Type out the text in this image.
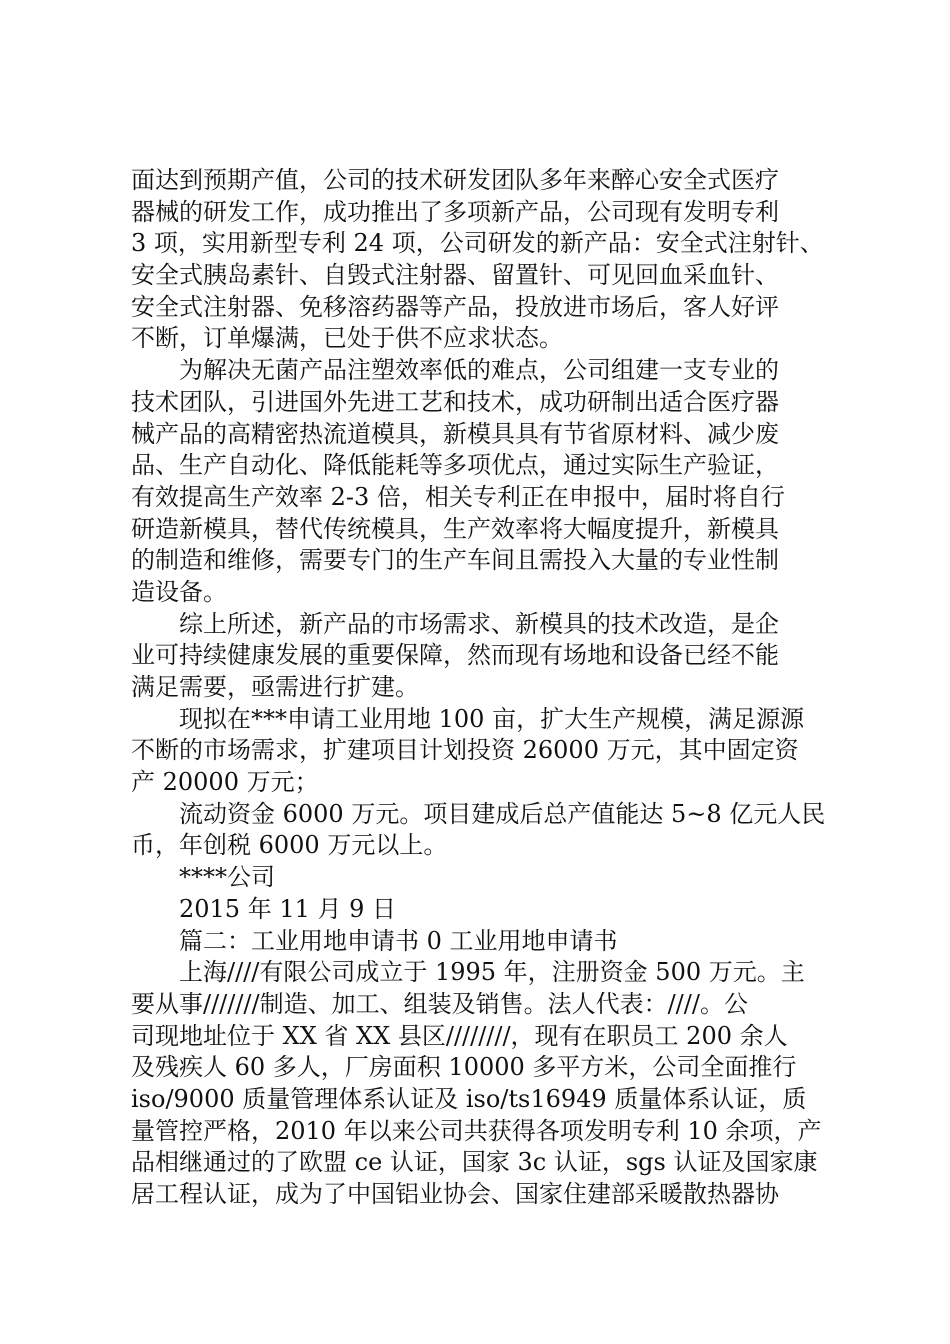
面达到预期产值，公司的技术研发团队多年来醉心安全式医疗
器械的研发工作，成功推出了多项新产品，公司现有发明专利
3 项，实用新型专利 24 项，公司研发的新产品：安全式注射针、
安全式胰岛素针、自毁式注射器、留置针、可见回血采血针、
安全式注射器、免移溶药器等产品，投放进市场后，客人好评
不断，订单爆满，已处于供不应求状态。
为解决无菌产品注塑效率低的难点，公司组建一支专业的
技术团队，引进国外先进工艺和技术，成功研制出适合医疗器
械产品的高精密热流道模具，新模具具有节省原材料、减少废
品、生产自动化、降低能耗等多项优点，通过实际生产验证，
有效提高生产效率 2-3 倍，相关专利正在申报中，届时将自行
研造新模具，替代传统模具，生产效率将大幅度提升，新模具
的制造和维修，需要专门的生产车间且需投入大量的专业性制
造设备。
综上所述，新产品的市场需求、新模具的技术改造，是企
业可持续健康发展的重要保障，然而现有场地和设备已经不能
满足需要，亟需进行扩建。
现拟在***申请工业用地 100 亩，扩大生产规模，满足源源
不断的市场需求，扩建项目计划投资 26000 万元，其中固定资
产 20000 万元；
流动资金 6000 万元。项目建成后总产值能达 5~8 亿元人民
币，年创税 6000 万元以上。
****公司
2015 年 11 月 9 日
篇二：工业用地申请书 0 工业用地申请书
上海////有限公司成立于 1995 年，注册资金 500 万元。主
要从事///////制造、加工、组装及销售。法人代表：////。公
司现地址位于 XX 省 XX 县区////////，现有在职员工 200 余人
及残疾人 60 多人，厂房面积 10000 多平方米，公司全面推行
iso/9000 质量管理体系认证及 iso/ts16949 质量体系认证，质
量管控严格，2010 年以来公司共获得各项发明专利 10 余项，产
品相继通过的了欧盟 ce 认证，国家 3c 认证，sgs 认证及国家康
居工程认证，成为了中国铝业协会、国家住建部采暖散热器协
